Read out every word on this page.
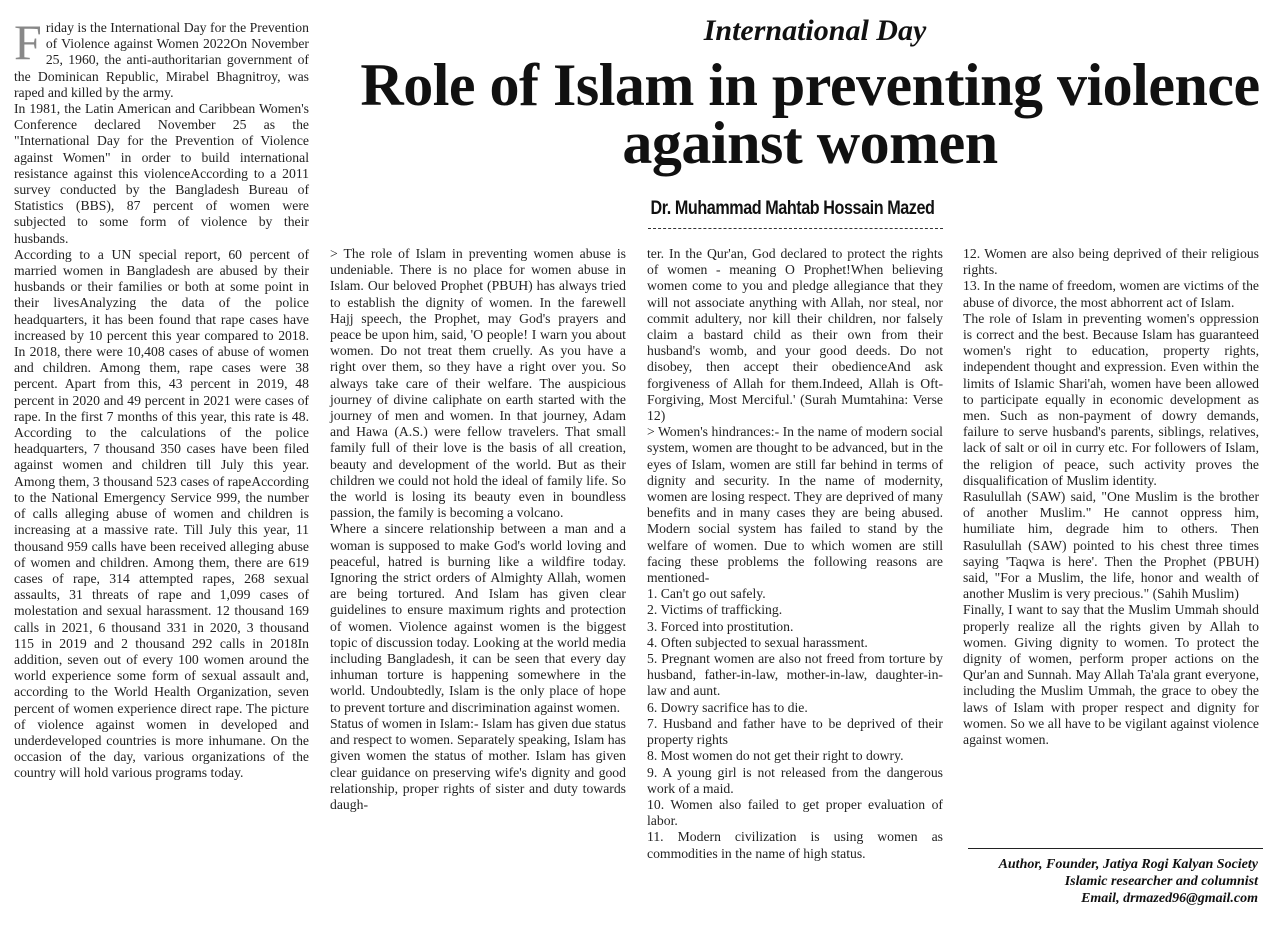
International Day
Role of Islam in preventing violence against women
Dr. Muhammad Mahtab Hossain Mazed

Friday is the International Day for the Prevention of Violence against Women 2022On November 25, 1960, the anti-authoritarian government of the Dominican Republic, Mirabel Bhagnitroy, was raped and killed by the army.

In 1981, the Latin American and Caribbean Women's Conference declared November 25 as the "International Day for the Prevention of Violence against Women" in order to build international resistance against this violenceAccording to a 2011 survey conducted by the Bangladesh Bureau of Statistics (BBS), 87 percent of women were subjected to some form of violence by their husbands.

According to a UN special report, 60 percent of married women in Bangladesh are abused by their husbands or their families or both at some point in their livesAnalyzing the data of the police headquarters, it has been found that rape cases have increased by 10 percent this year compared to 2018. In 2018, there were 10,408 cases of abuse of women and children. Among them, rape cases were 38 percent. Apart from this, 43 percent in 2019, 48 percent in 2020 and 49 percent in 2021 were cases of rape. In the first 7 months of this year, this rate is 48. According to the calculations of the police headquarters, 7 thousand 350 cases have been filed against women and children till July this year. Among them, 3 thousand 523 cases of rapeAccording to the National Emergency Service 999, the number of calls alleging abuse of women and children is increasing at a massive rate. Till July this year, 11 thousand 959 calls have been received alleging abuse of women and children. Among them, there are 619 cases of rape, 314 attempted rapes, 268 sexual assaults, 31 threats of rape and 1,099 cases of molestation and sexual harassment. 12 thousand 169 calls in 2021, 6 thousand 331 in 2020, 3 thousand 115 in 2019 and 2 thousand 292 calls in 2018In addition, seven out of every 100 women around the world experience some form of sexual assault and, according to the World Health Organization, seven percent of women experience direct rape. The picture of violence against women in developed and underdeveloped countries is more inhumane. On the occasion of the day, various organizations of the country will hold various programs today.

> The role of Islam in preventing women abuse is undeniable. There is no place for women abuse in Islam. Our beloved Prophet (PBUH) has always tried to establish the dignity of women. In the farewell Hajj speech, the Prophet, may God's prayers and peace be upon him, said, 'O people! I warn you about women. Do not treat them cruelly. As you have a right over them, so they have a right over you. So always take care of their welfare. The auspicious journey of divine caliphate on earth started with the journey of men and women. In that journey, Adam and Hawa (A.S.) were fellow travelers. That small family full of their love is the basis of all creation, beauty and development of the world. But as their children we could not hold the ideal of family life. So the world is losing its beauty even in boundless passion, the family is becoming a volcano.

Where a sincere relationship between a man and a woman is supposed to make God's world loving and peaceful, hatred is burning like a wildfire today. Ignoring the strict orders of Almighty Allah, women are being tortured. And Islam has given clear guidelines to ensure maximum rights and protection of women. Violence against women is the biggest topic of discussion today. Looking at the world media including Bangladesh, it can be seen that every day inhuman torture is happening somewhere in the world. Undoubtedly, Islam is the only place of hope to prevent torture and discrimination against women.

Status of women in Islam:- Islam has given due status and respect to women. Separately speaking, Islam has given women the status of mother. Islam has given clear guidance on preserving wife's dignity and good relationship, proper rights of sister and duty towards daugh-

ter. In the Qur'an, God declared to protect the rights of women - meaning O Prophet!When believing women come to you and pledge allegiance that they will not associate anything with Allah, nor steal, nor commit adultery, nor kill their children, nor falsely claim a bastard child as their own from their husband's womb, and your good deeds. Do not disobey, then accept their obedienceAnd ask forgiveness of Allah for them.Indeed, Allah is Oft-Forgiving, Most Merciful.' (Surah Mumtahina: Verse 12)

> Women's hindrances:- In the name of modern social system, women are thought to be advanced, but in the eyes of Islam, women are still far behind in terms of dignity and security. In the name of modernity, women are losing respect. They are deprived of many benefits and in many cases they are being abused. Modern social system has failed to stand by the welfare of women. Due to which women are still facing these problems the following reasons are mentioned-

1. Can't go out safely.

2. Victims of trafficking.

3. Forced into prostitution.

4. Often subjected to sexual harassment.

5. Pregnant women are also not freed from torture by husband, father-in-law, mother-in-law, daughter-in-law and aunt.

6. Dowry sacrifice has to die.

7. Husband and father have to be deprived of their property rights

8. Most women do not get their right to dowry.

9. A young girl is not released from the dangerous work of a maid.

10. Women also failed to get proper evaluation of labor.

11. Modern civilization is using women as commodities in the name of high status.

12. Women are also being deprived of their religious rights.

13. In the name of freedom, women are victims of the abuse of divorce, the most abhorrent act of Islam.

The role of Islam in preventing women's oppression is correct and the best. Because Islam has guaranteed women's right to education, property rights, independent thought and expression. Even within the limits of Islamic Shari'ah, women have been allowed to participate equally in economic development as men. Such as non-payment of dowry demands, failure to serve husband's parents, siblings, relatives, lack of salt or oil in curry etc. For followers of Islam, the religion of peace, such activity proves the disqualification of Muslim identity.

Rasulullah (SAW) said, "One Muslim is the brother of another Muslim." He cannot oppress him, humiliate him, degrade him to others. Then Rasulullah (SAW) pointed to his chest three times saying 'Taqwa is here'. Then the Prophet (PBUH) said, "For a Muslim, the life, honor and wealth of another Muslim is very precious." (Sahih Muslim)

Finally, I want to say that the Muslim Ummah should properly realize all the rights given by Allah to women. Giving dignity to women. To protect the dignity of women, perform proper actions on the Qur'an and Sunnah. May Allah Ta'ala grant everyone, including the Muslim Ummah, the grace to obey the laws of Islam with proper respect and dignity for women. So we all have to be vigilant against violence against women.

Author, Founder, Jatiya Rogi Kalyan Society
Islamic researcher and columnist
Email, drmazed96@gmail.com
